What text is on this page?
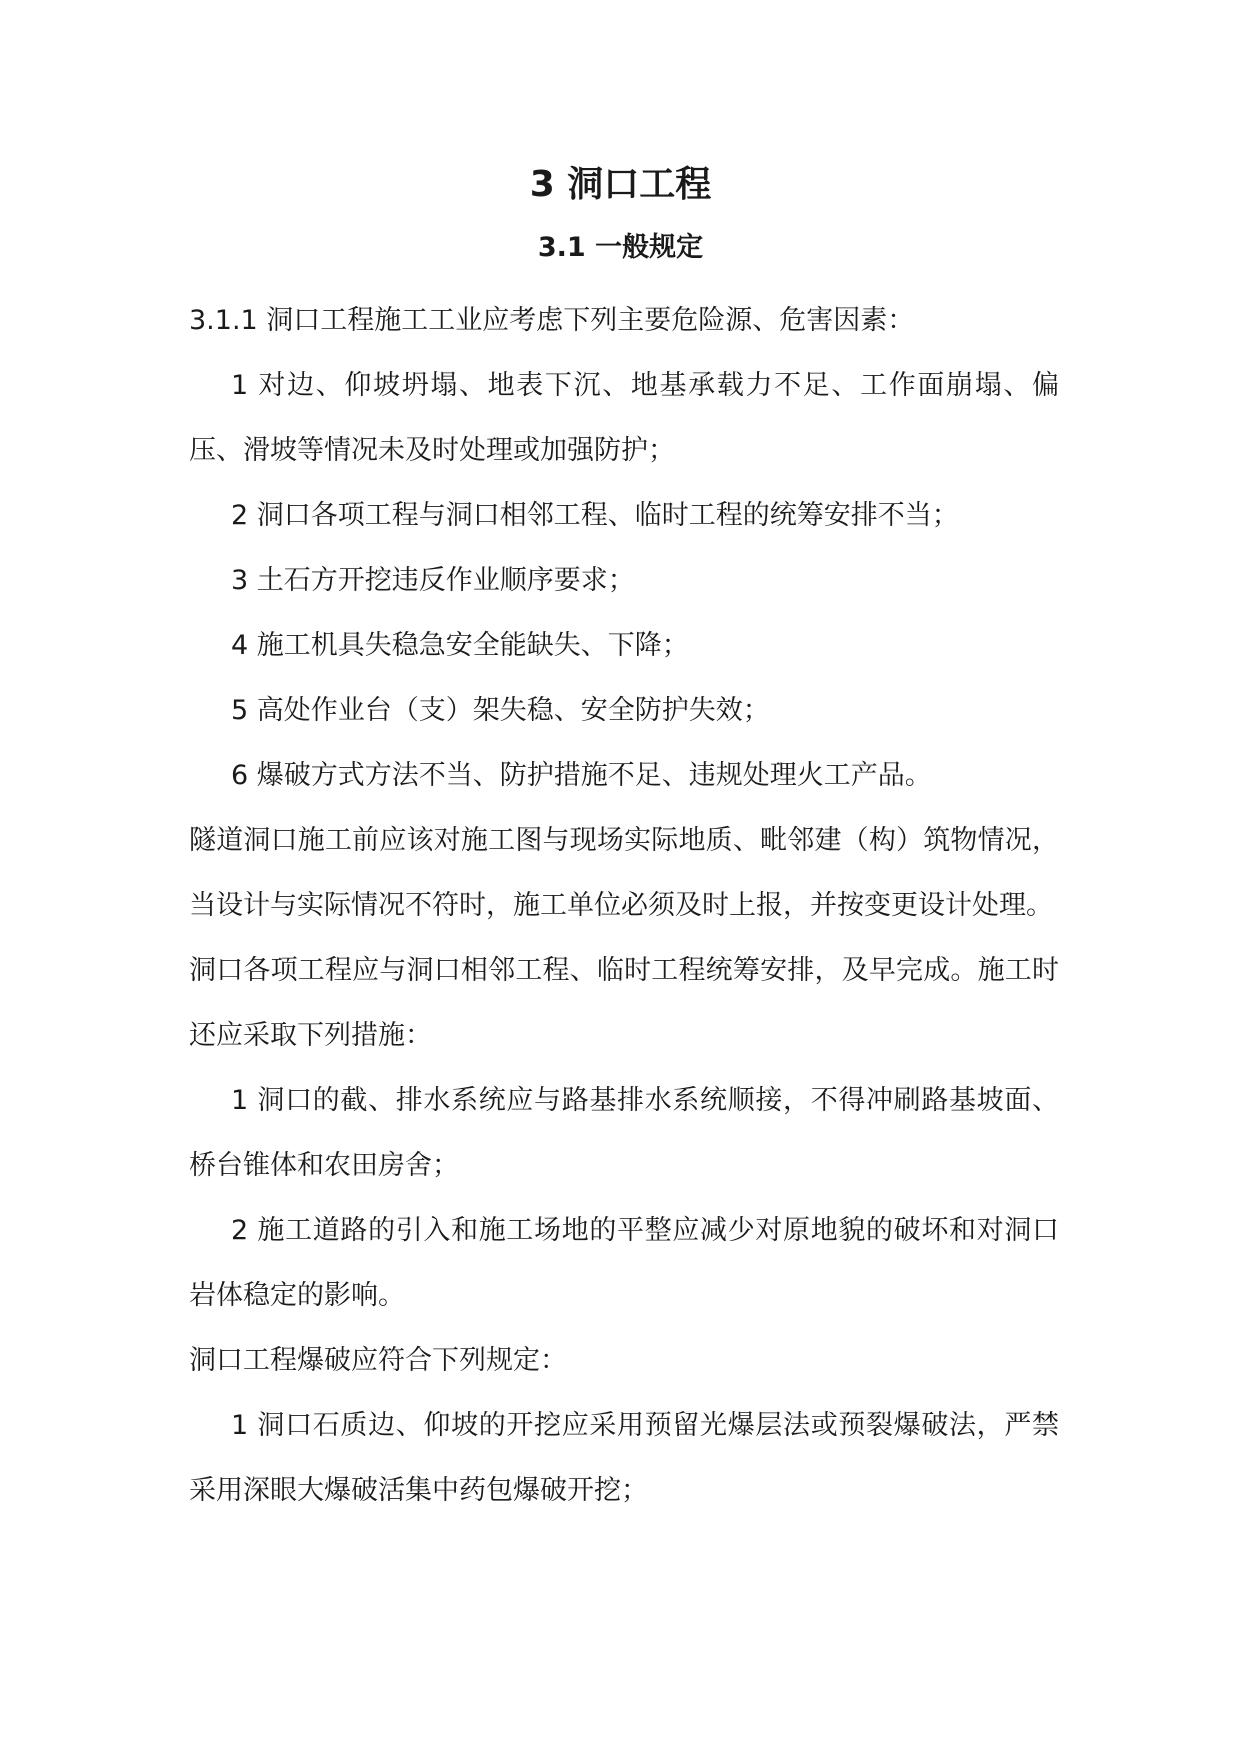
3 洞口工程
3.1 一般规定

3.1.1 洞口工程施工工业应考虑下列主要危险源、危害因素：

1 对边、仰坡坍塌、地表下沉、地基承载力不足、工作面崩塌、偏压、滑坡等情况未及时处理或加强防护；

2 洞口各项工程与洞口相邻工程、临时工程的统筹安排不当；

3 土石方开挖违反作业顺序要求；

4 施工机具失稳急安全能缺失、下降；

5 高处作业台（支）架失稳、安全防护失效；

6 爆破方式方法不当、防护措施不足、违规处理火工产品。

隧道洞口施工前应该对施工图与现场实际地质、毗邻建（构）筑物情况，当设计与实际情况不符时，施工单位必须及时上报，并按变更设计处理。

洞口各项工程应与洞口相邻工程、临时工程统筹安排，及早完成。施工时还应采取下列措施：

1 洞口的截、排水系统应与路基排水系统顺接，不得冲刷路基坡面、桥台锥体和农田房舍；

2 施工道路的引入和施工场地的平整应减少对原地貌的破坏和对洞口岩体稳定的影响。

洞口工程爆破应符合下列规定：

1 洞口石质边、仰坡的开挖应采用预留光爆层法或预裂爆破法，严禁采用深眼大爆破活集中药包爆破开挖；
